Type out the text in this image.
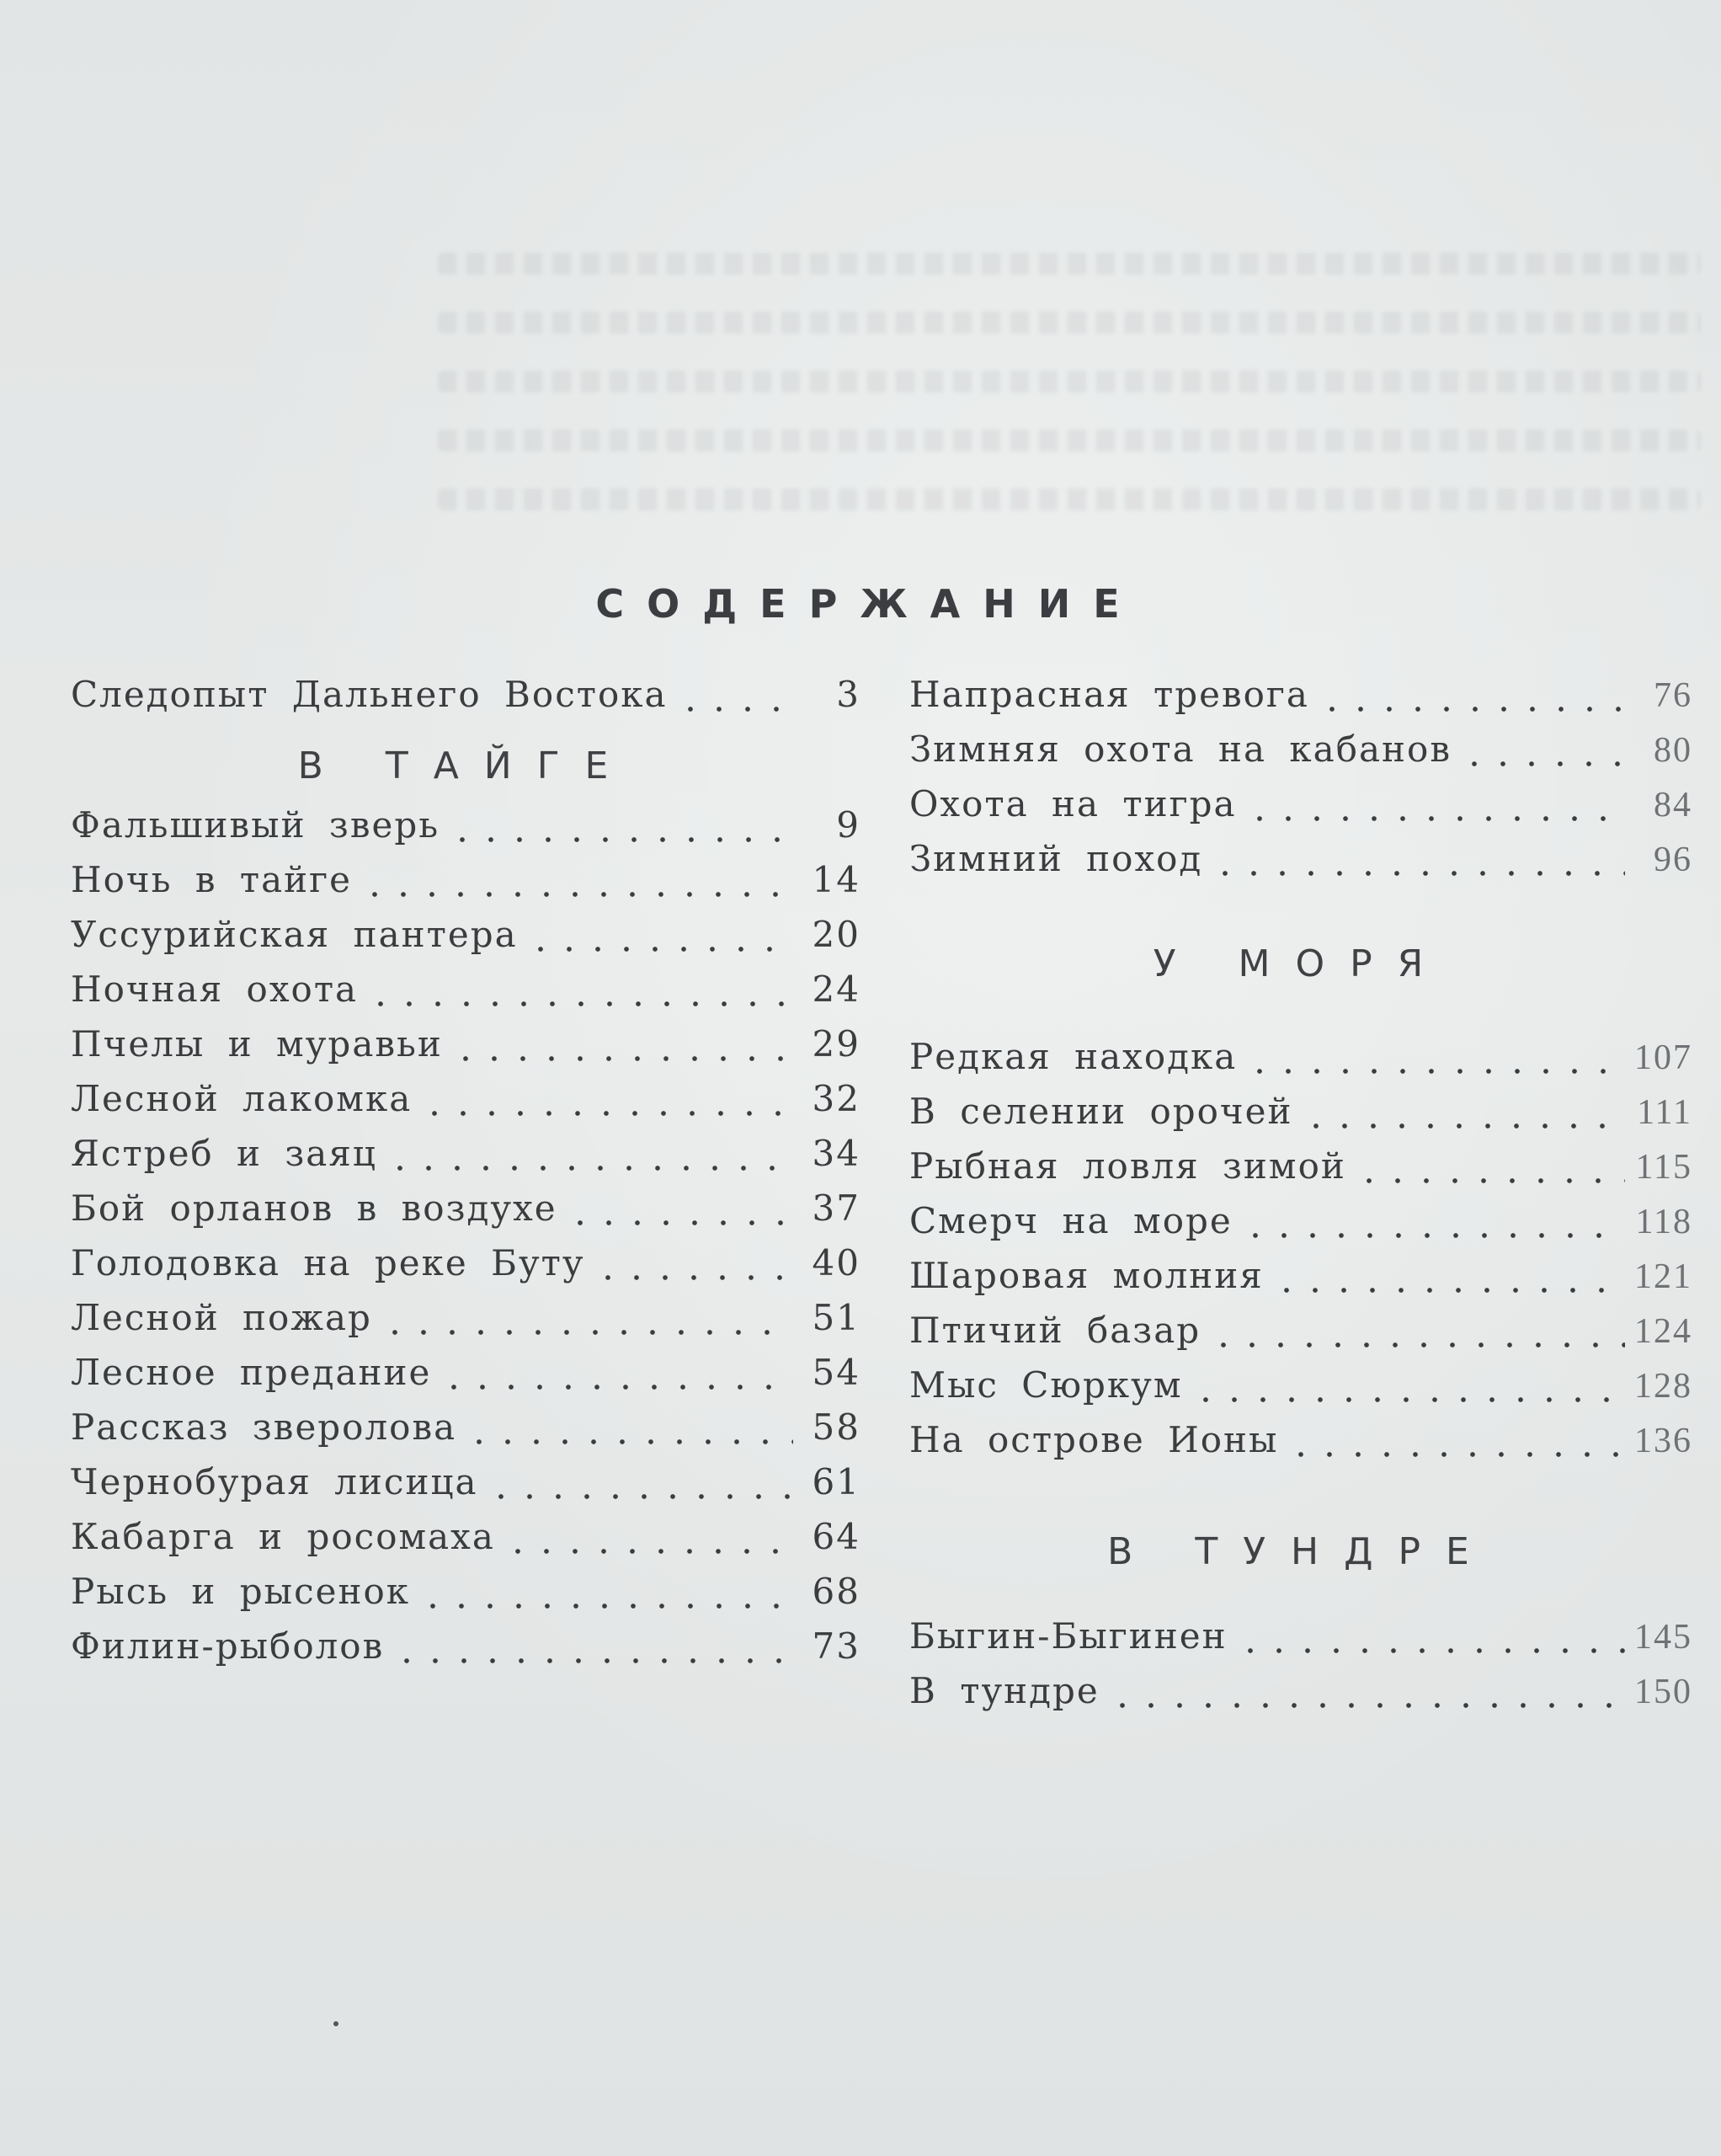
СОДЕРЖАНИЕ
Следопыт Дальнего Востока	3
В ТАЙГЕ
Фальшивый зверь	9
Ночь в тайге	14
Уссурийская пантера	20
Ночная охота	24
Пчелы и муравьи	29
Лесной лакомка	32
Ястреб и заяц	34
Бой орланов в воздухе	37
Голодовка на реке Буту	40
Лесной пожар	51
Лесное предание	54
Рассказ зверолова	58
Чернобурая лисица	61
Кабарга и росомаха	64
Рысь и рысенок	68
Филин-рыболов	73
Напрасная тревога	76
Зимняя охота на кабанов	80
Охота на тигра	84
Зимний поход	96
У МОРЯ
Редкая находка	107
В селении орочей	111
Рыбная ловля зимой	115
Смерч на море	118
Шаровая молния	121
Птичий базар	124
Мыс Сюркум	128
На острове Ионы	136
В ТУНДРЕ
Быгин-Быгинен	145
В тундре	150
